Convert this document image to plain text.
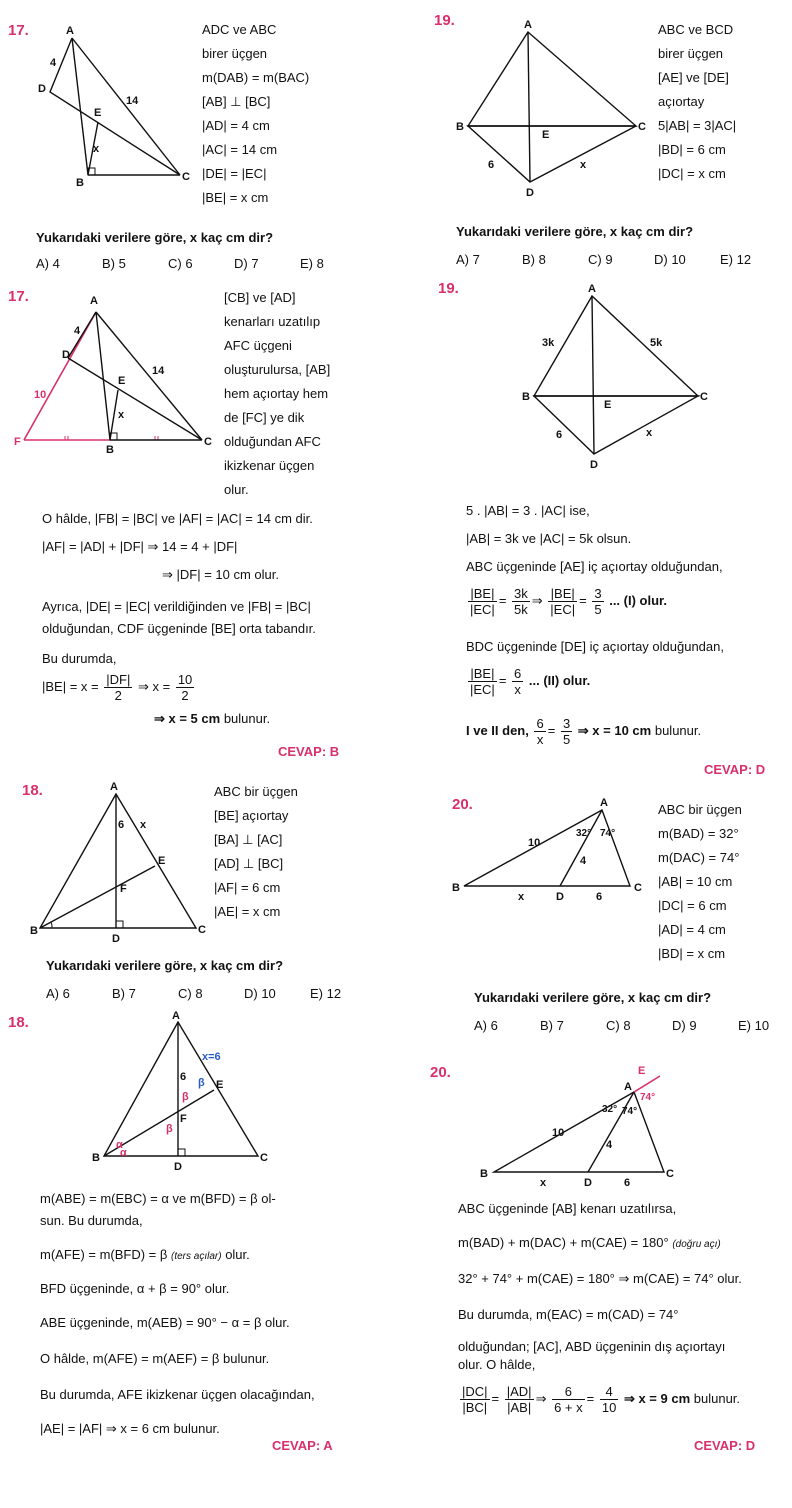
17.	A
D
B	C
E
4
14
x
ADC ve ABC
birer üçgen
m(DAB) = m(BAC)
[AB] ⊥ [BC]
|AD| = 4 cm
|AC| = 14 cm
|DE| = |EC|
|BE| = x cm
Yukarıdaki verilere göre, x kaç cm dir?
A) 4	B) 5	C) 6	D) 7	E) 8
17.	A
D
B
C
E
F
4
14
10
x
[CB] ve [AD]
kenarları uzatılıp
AFC üçgeni
oluşturulursa, [AB]
hem açıortay hem
de [FC] ye dik
olduğundan AFC
ikizkenar üçgen
olur.
O hâlde, |FB| = |BC| ve |AF| = |AC| = 14 cm dir.
|AF| = |AD| + |DF| ⇒ 14 = 4 + |DF|
⇒ |DF| = 10 cm olur.
Ayrıca, |DE| = |EC| verildiğinden ve |FB| = |BC|
olduğundan, CDF üçgeninde [BE] orta tabandır.
Bu durumda,
$|BE| = x = \frac{|DF|}{2}$ ⇒ $x = \frac{10}{2}$
⇒ x = 5 cm bulunur.
CEVAP: B
18.	A
B	C
D
E
F
6 x
ABC bir üçgen
[BE] açıortay
[BA] ⊥ [AC]
[AD] ⊥ [BC]
|AF| = 6 cm
|AE| = x cm
Yukarıdaki verilere göre, x kaç cm dir?
A) 6	B) 7	C) 8	D) 10	E) 12
18.	A
B	C
D
E
F
6
x=6
α
α
β
β
β
m(ABE) = m(EBC) = α ve m(BFD) = β ol-
sun. Bu durumda,
m(AFE) = m(BFD) = β (ters açılar) olur.
BFD üçgeninde, α + β = 90° olur.
ABE üçgeninde, m(AEB) = 90° − α = β olur.
O hâlde, m(AFE) = m(AEF) = β bulunur.
Bu durumda, AFE ikizkenar üçgen olacağından,
|AE| = |AF| ⇒ x = 6 cm bulunur.
CEVAP: A
19.	A
B	C
D
E
6	x
ABC ve BCD
birer üçgen
[AE] ve [DE]
açıortay
5|AB| = 3|AC|
|BD| = 6 cm
|DC| = x cm
Yukarıdaki verilere göre, x kaç cm dir?
A) 7	B) 8	C) 9	D) 10	E) 12
19.	A
B	C
D
E
3k	5k
6	x
5 . |AB| = 3 . |AC| ise,
|AB| = 3k ve |AC| = 5k olsun.
ABC üçgeninde [AE] iç açıortay olduğundan,
$\frac{|BE|}{|EC|} = \frac{3k}{5k}$ ⇒ $\frac{|BE|}{|EC|} = \frac{3}{5}$ ... (I) olur.
BDC üçgeninde [DE] iç açıortay olduğundan,
$\frac{|BE|}{|EC|} = \frac{6}{x}$ ... (II) olur.
I ve II den, $\frac{6}{x} = \frac{3}{5}$ ⇒ x = 10 cm bulunur.
CEVAP: D
20.	A
B	C
D
10
4
6
x
32° 74°
ABC bir üçgen
m(BAD) = 32°
m(DAC) = 74°
|AB| = 10 cm
|DC| = 6 cm
|AD| = 4 cm
|BD| = x cm
Yukarıdaki verilere göre, x kaç cm dir?
A) 6	B) 7	C) 8	D) 9	E) 10
20.
A
B	C
D
E
10
4
6
x
32° 74°
74°
ABC üçgeninde [AB] kenarı uzatılırsa,
m(BAD) + m(DAC) + m(CAE) = 180° (doğru açı)
32° + 74° + m(CAE) = 180° ⇒ m(CAE) = 74° olur.
Bu durumda, m(EAC) = m(CAD) = 74°
olduğundan; [AC], ABD üçgeninin dış açıortayı
olur. O hâlde,
$\frac{|DC|}{|BC|} = \frac{|AD|}{|AB|}$ ⇒ $\frac{6}{6 + x} = \frac{4}{10}$ ⇒ x = 9 cm bulunur.
CEVAP: D
